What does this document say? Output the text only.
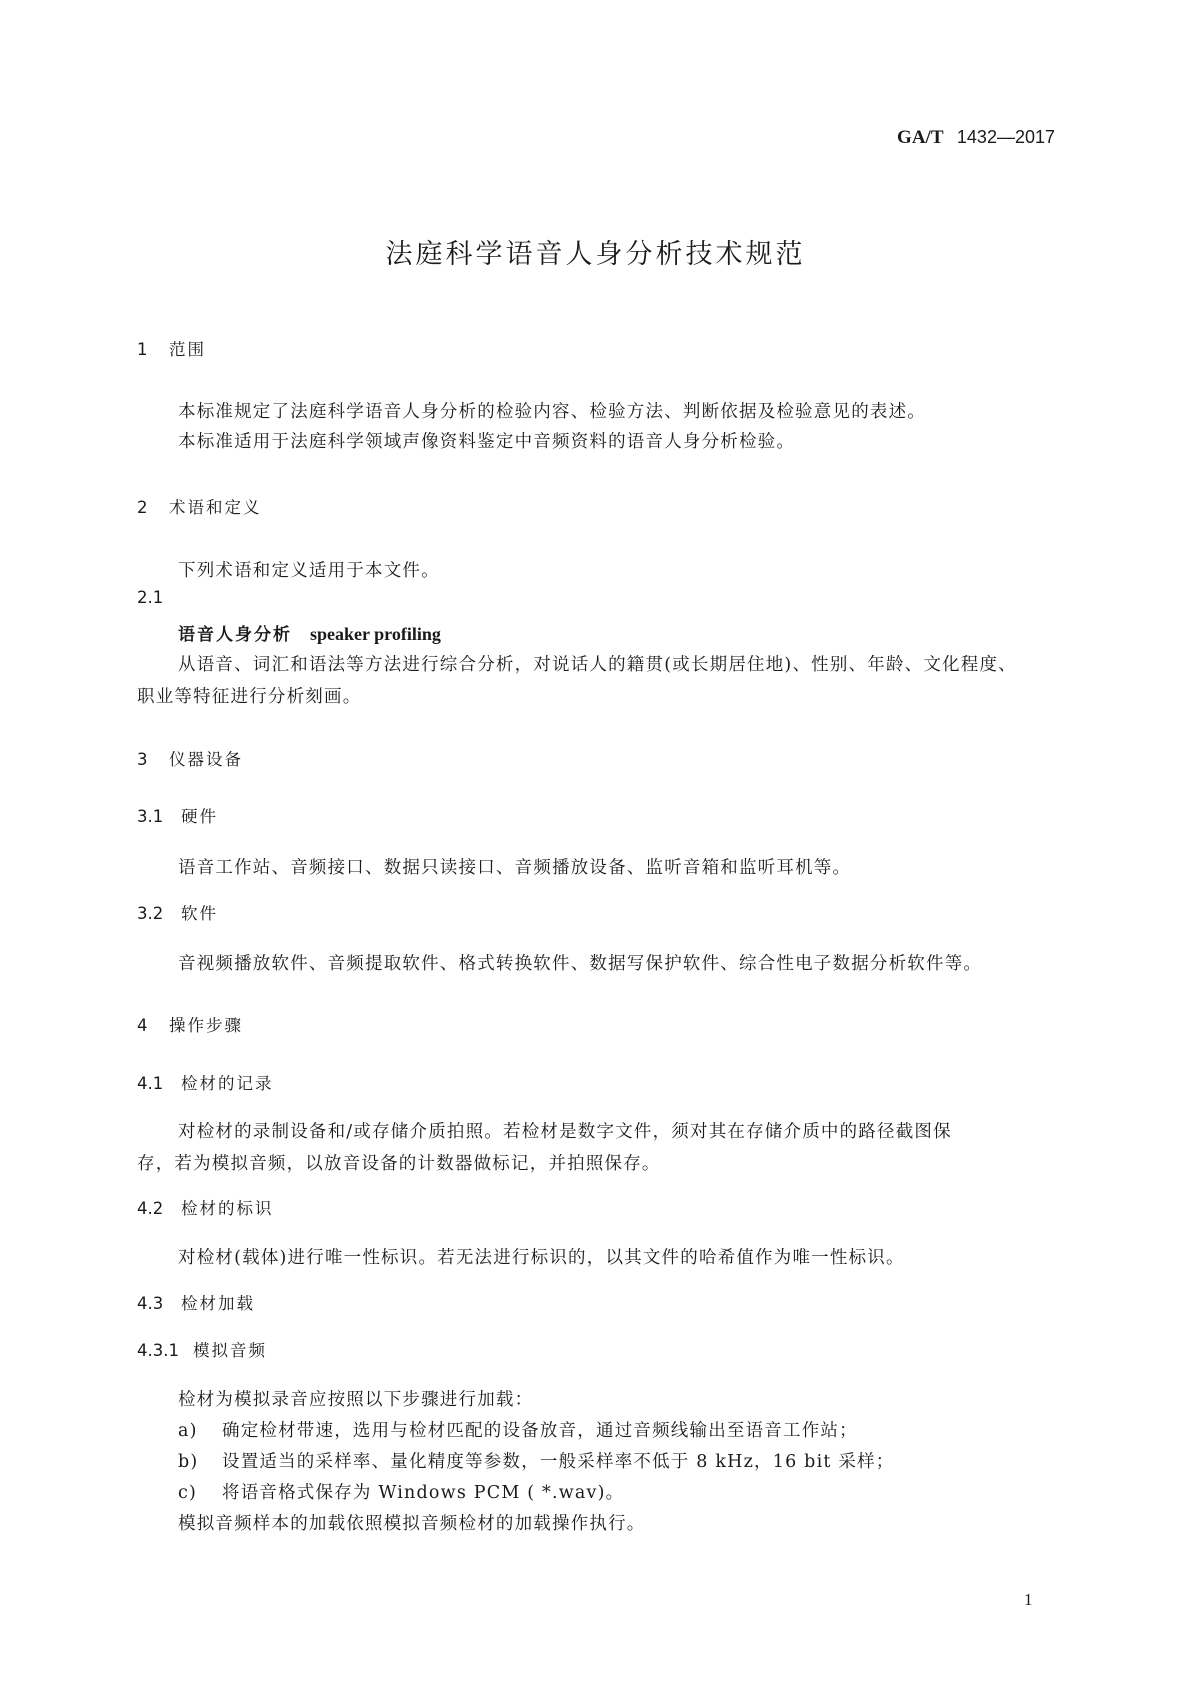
GA/T 1432—2017
法庭科学语音人身分析技术规范
1 范围
本标准规定了法庭科学语音人身分析的检验内容、检验方法、判断依据及检验意见的表述。
本标准适用于法庭科学领域声像资料鉴定中音频资料的语音人身分析检验。
2 术语和定义
下列术语和定义适用于本文件。
2.1
语音人身分析 speaker profiling
从语音、词汇和语法等方法进行综合分析，对说话人的籍贯(或长期居住地)、性别、年龄、文化程度、
职业等特征进行分析刻画。
3 仪器设备
3.1 硬件
语音工作站、音频接口、数据只读接口、音频播放设备、监听音箱和监听耳机等。
3.2 软件
音视频播放软件、音频提取软件、格式转换软件、数据写保护软件、综合性电子数据分析软件等。
4 操作步骤
4.1 检材的记录
对检材的录制设备和/或存储介质拍照。若检材是数字文件，须对其在存储介质中的路径截图保
存，若为模拟音频，以放音设备的计数器做标记，并拍照保存。
4.2 检材的标识
对检材(载体)进行唯一性标识。若无法进行标识的，以其文件的哈希值作为唯一性标识。
4.3 检材加载
4.3.1 模拟音频
检材为模拟录音应按照以下步骤进行加载：
a) 确定检材带速，选用与检材匹配的设备放音，通过音频线输出至语音工作站；
b) 设置适当的采样率、量化精度等参数，一般采样率不低于 8 kHz，16 bit 采样；
c) 将语音格式保存为 Windows PCM ( *.wav)。
模拟音频样本的加载依照模拟音频检材的加载操作执行。
1
